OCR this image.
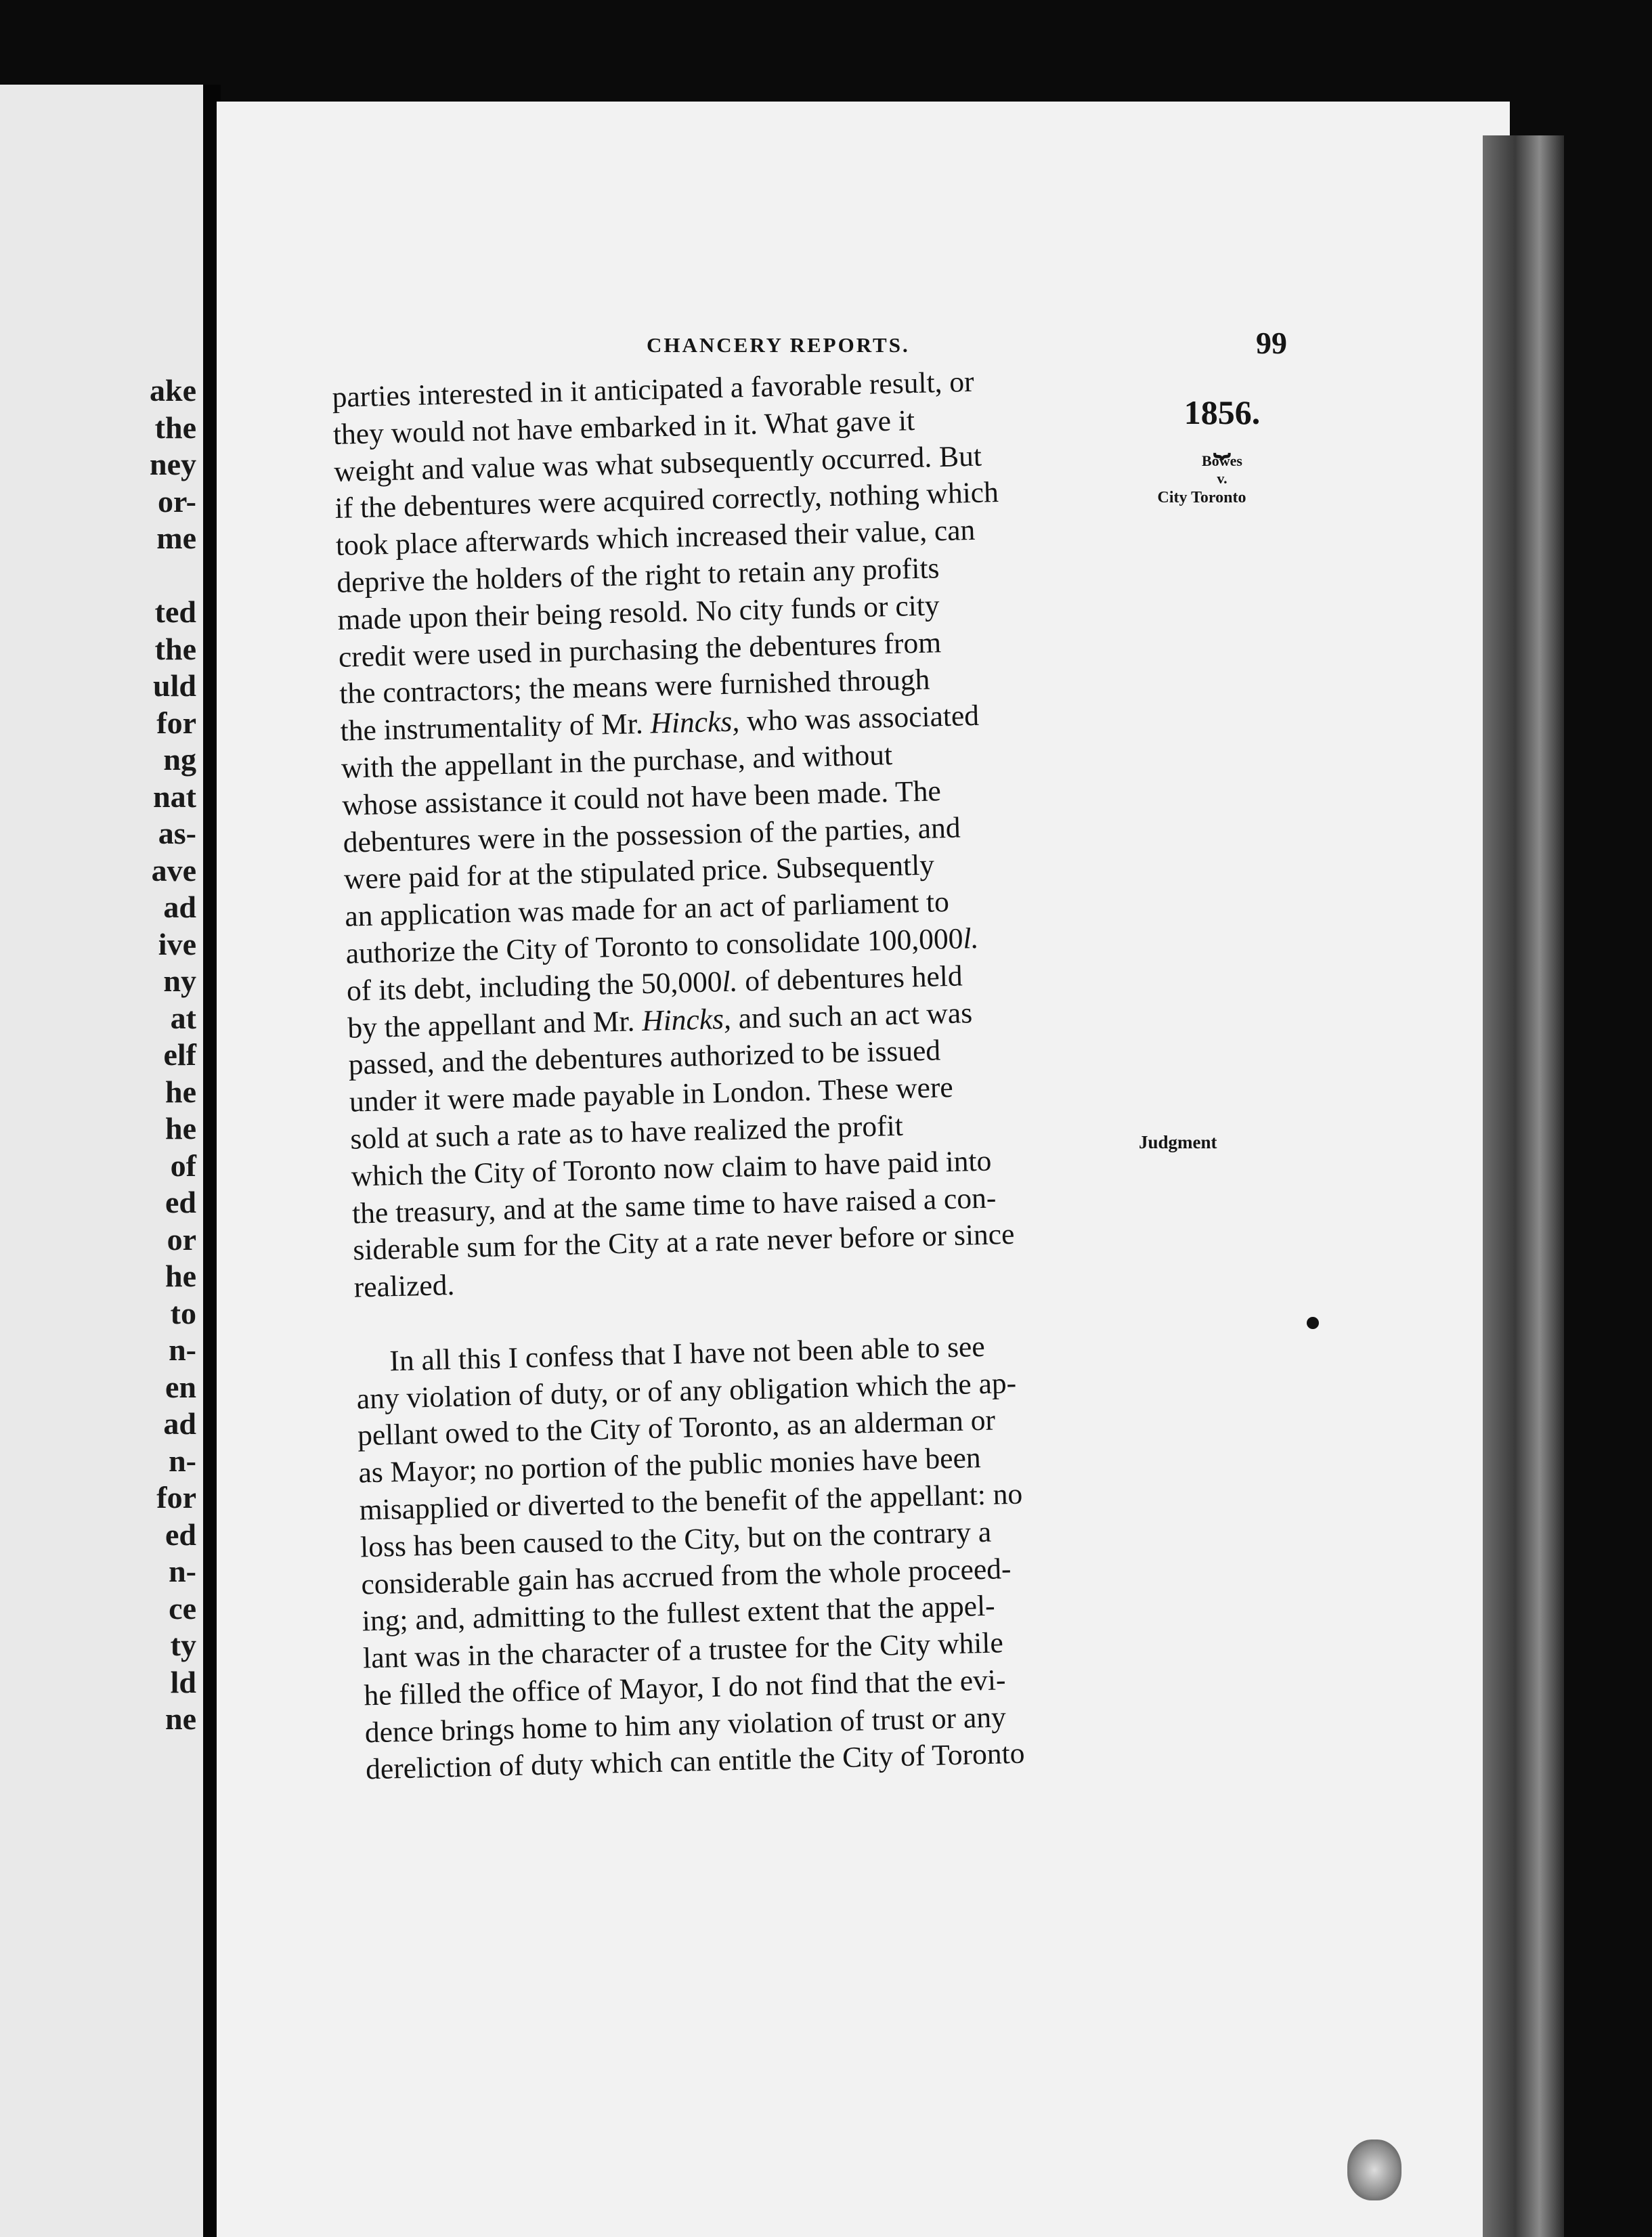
ake
the
ney
or-
me
ted
the
uld
for
ng
nat
as-
ave
ad
ive
ny
at
elf
he
he
of
ed
or
he
to
n-
en
ad
n-
for
ed
n-
ce
ty
ld
ne
CHANCERY REPORTS.	99
1856.
⏟
Bowes
v.
City Toronto
Judgment
parties interested in it anticipated a favorable result, or
they would not have embarked in it. What gave it
weight and value was what subsequently occurred. But
if the debentures were acquired correctly, nothing which
took place afterwards which increased their value, can
deprive the holders of the right to retain any profits
made upon their being resold. No city funds or city
credit were used in purchasing the debentures from
the contractors; the means were furnished through
the instrumentality of Mr. Hincks, who was associated
with the appellant in the purchase, and without
whose assistance it could not have been made. The
debentures were in the possession of the parties, and
were paid for at the stipulated price. Subsequently
an application was made for an act of parliament to
authorize the City of Toronto to consolidate 100,000l.
of its debt, including the 50,000l. of debentures held
by the appellant and Mr. Hincks, and such an act was
passed, and the debentures authorized to be issued
under it were made payable in London. These were
sold at such a rate as to have realized the profit
which the City of Toronto now claim to have paid into
the treasury, and at the same time to have raised a con-
siderable sum for the City at a rate never before or since
realized.
In all this I confess that I have not been able to see
any violation of duty, or of any obligation which the ap-
pellant owed to the City of Toronto, as an alderman or
as Mayor; no portion of the public monies have been
misapplied or diverted to the benefit of the appellant: no
loss has been caused to the City, but on the contrary a
considerable gain has accrued from the whole proceed-
ing; and, admitting to the fullest extent that the appel-
lant was in the character of a trustee for the City while
he filled the office of Mayor, I do not find that the evi-
dence brings home to him any violation of trust or any
dereliction of duty which can entitle the City of Toronto
